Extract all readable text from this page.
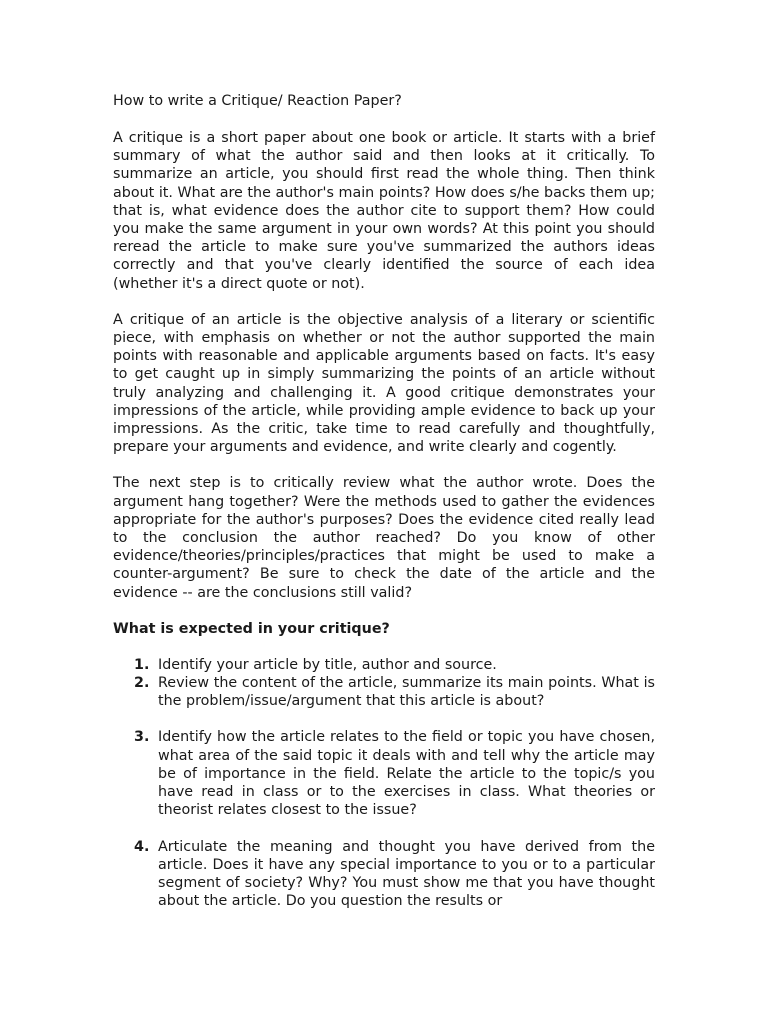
How to write a Critique/ Reaction Paper?

A critique is a short paper about one book or article. It starts with a brief summary of what the author said and then looks at it critically. To summarize an article, you should first read the whole thing. Then think about it. What are the author's main points? How does s/he backs them up; that is, what evidence does the author cite to support them? How could you make the same argument in your own words? At this point you should reread the article to make sure you've summarized the authors ideas correctly and that you've clearly identified the source of each idea (whether it's a direct quote or not).

A critique of an article is the objective analysis of a literary or scientific piece, with emphasis on whether or not the author supported the main points with reasonable and applicable arguments based on facts. It's easy to get caught up in simply summarizing the points of an article without truly analyzing and challenging it. A good critique demonstrates your impressions of the article, while providing ample evidence to back up your impressions. As the critic, take time to read carefully and thoughtfully, prepare your arguments and evidence, and write clearly and cogently.

The next step is to critically review what the author wrote. Does the argument hang together? Were the methods used to gather the evidences appropriate for the author's purposes? Does the evidence cited really lead to the conclusion the author reached? Do you know of other evidence/theories/principles/practices that might be used to make a counter-argument? Be sure to check the date of the article and the evidence -- are the conclusions still valid?

What is expected in your critique?
1. Identify your article by title, author and source.
2. Review the content of the article, summarize its main points. What is the problem/issue/argument that this article is about?
3. Identify how the article relates to the field or topic you have chosen, what area of the said topic it deals with and tell why the article may be of importance in the field. Relate the article to the topic/s you have read in class or to the exercises in class. What theories or theorist relates closest to the issue?
4. Articulate the meaning and thought you have derived from the article. Does it have any special importance to you or to a particular segment of society? Why? You must show me that you have thought about the article. Do you question the results or
